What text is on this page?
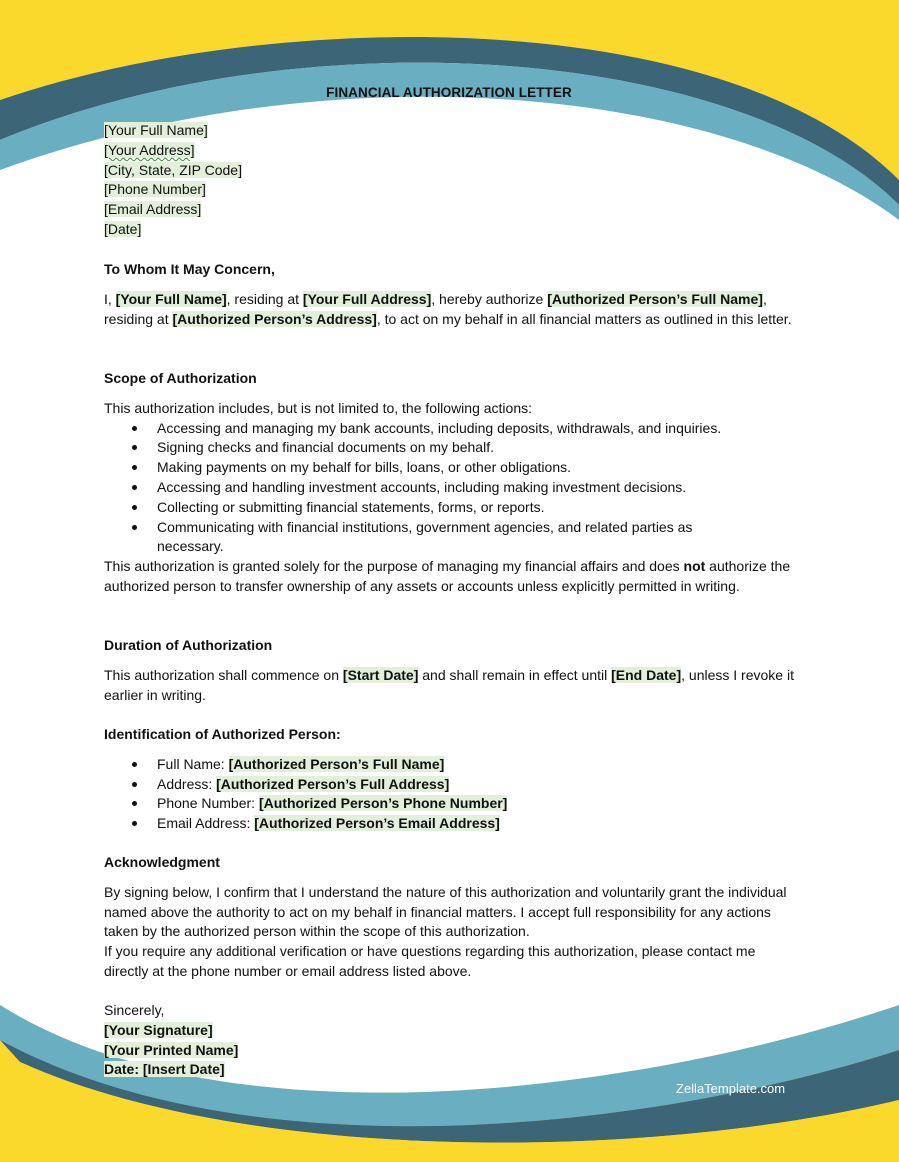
FINANCIAL AUTHORIZATION LETTER
[Your Full Name]
[Your Address]
[City, State, ZIP Code]
[Phone Number]
[Email Address]
[Date]

To Whom It May Concern,

I, [Your Full Name], residing at [Your Full Address], hereby authorize [Authorized Person’s Full Name], residing at [Authorized Person’s Address], to act on my behalf in all financial matters as outlined in this letter.

Scope of Authorization

This authorization includes, but is not limited to, the following actions:

Accessing and managing my bank accounts, including deposits, withdrawals, and inquiries.
Signing checks and financial documents on my behalf.
Making payments on my behalf for bills, loans, or other obligations.
Accessing and handling investment accounts, including making investment decisions.
Collecting or submitting financial statements, forms, or reports.
Communicating with financial institutions, government agencies, and related parties as necessary.

This authorization is granted solely for the purpose of managing my financial affairs and does not authorize the authorized person to transfer ownership of any assets or accounts unless explicitly permitted in writing.

Duration of Authorization

This authorization shall commence on [Start Date] and shall remain in effect until [End Date], unless I revoke it earlier in writing.

Identification of Authorized Person:

Full Name: [Authorized Person’s Full Name]
Address: [Authorized Person’s Full Address]
Phone Number: [Authorized Person’s Phone Number]
Email Address: [Authorized Person’s Email Address]

Acknowledgment

By signing below, I confirm that I understand the nature of this authorization and voluntarily grant the individual named above the authority to act on my behalf in financial matters. I accept full responsibility for any actions taken by the authorized person within the scope of this authorization.

If you require any additional verification or have questions regarding this authorization, please contact me directly at the phone number or email address listed above.

Sincerely,

[Your Signature]

[Your Printed Name]

Date: [Insert Date]

ZellaTemplate.com
